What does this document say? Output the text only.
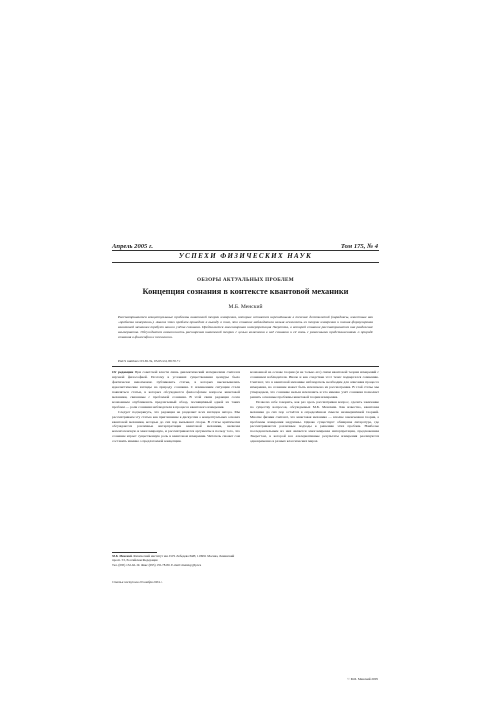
Апрель 2005 г.	Том 175, № 4
УСПЕХИ ФИЗИЧЕСКИХ НАУК
ОБЗОРЫ АКТУАЛЬНЫХ ПРОБЛЕМ
Концепция сознания в контексте квантовой механики
М.Б. Менский
Рассматриваются концептуальные проблемы квантовой теории измерения, которые остаются нерешёнными в течение десятилетий (парадоксы, известные как «проблема измерения»). Анализ этих проблем приводит к выводу о том, что сознание наблюдателя нельзя исключить из теории измерения и полная формулировка квантовой механики требует явного учёта сознания. Предлагается многомировая интерпретация Эверетта, в которой сознание рассматривается как разделение альтернатив. Обсуждается возможность расширения квантовой теории с целью включения в неё сознания и её связь с различными представлениями о природе сознания в философии и психологии.
PACS numbers: 03.65.Ta, 03.65.Ud, 89.70.+c

От редакции При советской власти лишь диалектический материализм считался научной философией. Поэтому в условиях существования цензуры было фактически невозможно публиковать статьи, в которых высказывались идеалистические взгляды на природу сознания. С изменением ситуации стали появляться статьи, в которых обсуждаются философские вопросы квантовой механики, связанные с проблемой сознания. В этой связи редакция сочла возможным опубликовать предлагаемый обзор, посвящённый одной из таких проблем — роли сознания наблюдателя в процессе квантового измерения.

Следует подчеркнуть, что редакция не разделяет всех взглядов автора. Мы рассматриваем эту статью как приглашение к дискуссии о концептуальных основах квантовой механики, которые до сих пор вызывают споры. В статье критически обсуждаются различные интерпретации квантовой механики, включая копенгагенскую и многомировую, и рассматриваются аргументы в пользу того, что сознание играет существенную роль в квантовом измерении. Читатель сможет сам составить мнение о предлагаемой концепции.

М.Б. Менский. Физический институт им. П.Н. Лебедева РАН, 119991 Москва, Ленинский просп. 53, Российская Федерация
Тел. (095) 132-62-19. Факс (095) 135-78-80. E-mail: mensky@lpi.ru
Статья поступила 29 ноября 2004 г.

возможной на основе теории (и не только его) связи квантовой теории измерений с сознанием наблюдателя. Иначе и как следствие этот тезис подвергался сомнению. Считают, что в квантовой механике наблюдатель необходим для описания процесса измерения, но сознание может быть исключено из рассмотрения. В этой статье мы утверждаем, что сознание нельзя исключить и что именно учёт сознания позволяет решить основные проблемы квантовой теории измерения.

Позволю себе говорить, как раз здесь рассматривая вопрос, сделать замечание по существу вопросов, обсуждаемых М.Б. Менским. Как известно, квантовая механика до сих пор остаётся в определённом смысле незавершённой теорией. Многие физики считают, что квантовая механика — вполне законченная теория, а проблемы измерения надуманы. Однако существует обширная литература, где рассматриваются различные подходы к решению этих проблем. Наиболее последовательным из них является многомировая интерпретация, предложенная Эвереттом, в которой все альтернативные результаты измерения реализуются одновременно в разных классических мирах.

© М.Б. Менский 2005
